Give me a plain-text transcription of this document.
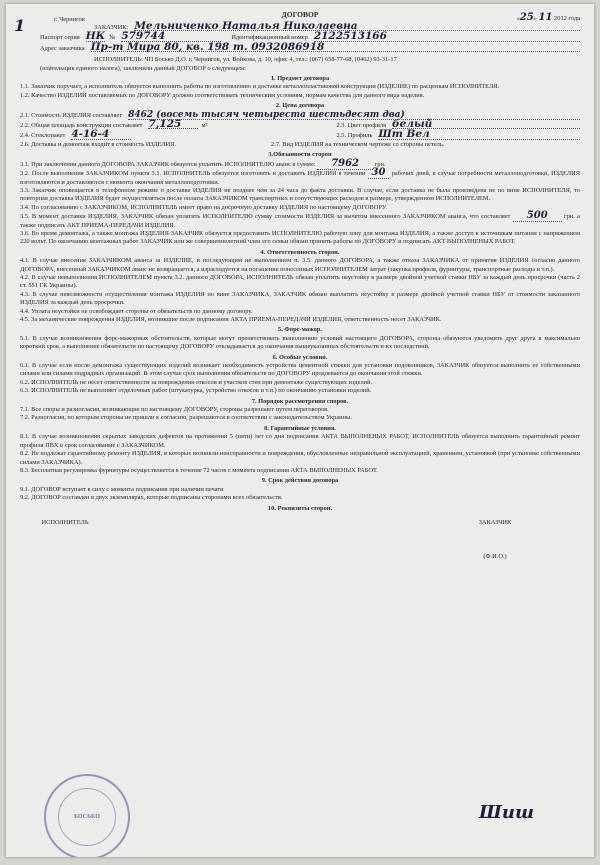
1	г. Чернигов
ДОГОВОР	«25» 11 2012 года
ЗАКАЗЧИК: Мельниченко Наталья Николаевна
Паспорт серия НК № 579744	Идентификационный номер 2122513166
Адрес заказчика Пр-т Мира 80, кв. 198 т. 0932086918
ИСПОЛНИТЕЛЬ: ЧП Босько Д.О. г. Чернигов, ул. Войкова, д. 10, офис 4, тел.: (067) 658-77-68, (0462) 93-31-17
(плательщик единого налога), заключили данный ДОГОВОР о следующем:
1. Предмет договора

1.1. Заказчик поручает, а исполнитель обязуется выполнить работы по изготовлению и доставке металлопластиковой конструкции (ИЗДЕЛИЕ) по расценкам ИСПОЛНИТЕЛЯ.

1.2. Качество ИЗДЕЛИЙ поставляемых по ДОГОВОРУ должно соответствовать техническим условиям, нормам качества для данного вида изделия.

2. Цена договора
2.1. Стоимость ИЗДЕЛИЯ составляет 8462 (восемь тысяч четыреста шестьдесят два)
2.2. Общая площадь конструкции составляет 7,125	м²
2.4. Стеклопакет 4-16-4
2.3. Цвет профиля белый
2.5. Профиль Шт Вел
2.6. Доставка и демонтаж входит в стоимость ИЗДЕЛИЯ.	2.7. Вид ИЗДЕЛИЯ на техническом чертеже со стороны петель.
3.Обязанности сторон

3.1. При заключении данного ДОГОВОРА ЗАКАЗЧИК обязуется уплатить ИСПОЛНИТЕЛЮ аванс в сумме: 7962 грн.

3.2. После выполнения ЗАКАЗЧИКОМ пункта 3.1. ИСПОЛНИТЕЛЬ обязуется изготовить и доставить ИЗДЕЛИЯ в течении 30 рабочих дней, в случае потребности металлоподготовки, ИЗДЕЛИЯ изготовляются и доставляются с момента окончания металлоподготовки.

3.3. Заказчик оповещается в телефонном режиме о доставке ИЗДЕЛИЯ не позднее чем за 24 часа до факта доставки. В случае, если доставка не была произведена не по вине ИСПОЛНИТЕЛЯ, то повторная доставка ИЗДЕЛИЯ будет осуществляться после оплаты ЗАКАЗЧИКОМ транспортных и сопутствующих расходов в размере, утвержденном ИСПОЛНИТЕЛЕМ.

3.4. По согласованию с ЗАКАЗЧИКОМ, ИСПОЛНИТЕЛЬ имеет право на досрочную доставку ИЗДЕЛИЯ по настоящему ДОГОВОРУ.

3.5. В момент доставки ИЗДЕЛИЯ, ЗАКАЗЧИК обязан уплатить ИСПОЛНИТЕЛЮ сумму стоимости ИЗДЕЛИЯ за вычетом внесенного ЗАКАЗЧИКОМ аванса, что составляет 500	грн. а также подписать АКТ ПРИЕМА-ПЕРЕДАЧИ ИЗДЕЛИЯ.

3.6. Во время демонтажа, а также монтажа ИЗДЕЛИЯ ЗАКАЗЧИК обязуется предоставить ИСПОЛНИТЕЛЮ рабочую зону для монтажа ИЗДЕЛИЯ, а также доступ к источникам питания с напряжением 220 вольт. По окончанию монтажных работ ЗАКАЗЧИК или же совершеннолетний член его семьи обязан принять работы по ДОГОВОРУ и подписать АКТ ВЫПОЛНЕНЫХ РАБОТ.

4. Ответственность сторон.

4.1. В случае внесения ЗАКАЗЧИКОМ аванса за ИЗДЕЛИЕ, и последующим не выполнением п. 3.5. данного ДОГОВОРА, а также отказа ЗАКАЗЧИКА от принятия ИЗДЕЛИЯ согласно данного ДОГОВОРА, внесенный ЗАКАЗЧИКОМ аванс не возвращается, а израсходуется на погашение понесенных ИСПОЛНИТЕЛЕМ затрат (закупка профиля, фурнитуры, транспортные расходы и т.п.).

4.2. В случае невыполнения ИСПОЛНИТЕЛЕМ пункта 3.2. данного ДОГОВОРА, ИСПОЛНИТЕЛЬ обязан уплатить неустойку в размере двойной учетной ставки НБУ за каждый день просрочки (часть 2 ст. 551 ГК Украины).

4.3. В случае невозможности осуществления монтажа ИЗДЕЛИЯ по вине ЗАКАЗЧИКА, ЗАКАЗЧИК обязан выплатить неустойку в размере двойной учетной ставки НБУ от стоимости заказанного ИЗДЕЛИЯ за каждый день просрочки.

4.4. Уплата неустойки не освобождает стороны от обязательств по данному договору.

4.5. За механические повреждения ИЗДЕЛИЯ, возникшие после подписания АКТА ПРИЕМА-ПЕРЕДАЧИ ИЗДЕЛИЯ, ответственность несет ЗАКАЗЧИК.

5. Форс-мажор.

5.1. В случае возникновения форс-мажорных обстоятельств, которые могут препятствовать выполнению условий настоящего ДОГОВОРА, стороны обязуются уведомить друг друга в максимально короткий срок, а выполнение обязательств по настоящему ДОГОВОРУ откладывается до окончания вышеуказанных обстоятельств и их последствий.

6. Особые условия.

6.1. В случае если после демонтажа существующих изделий возникает необходимость устройства цементной стяжки для установки подоконников, ЗАКАЗЧИК обязуется выполнить ее собственными силами или силами подрядных организаций. В этом случае срок выполнения обязательств по ДОГОВОРУ продлевается до окончания этой стяжки.

6.2. ИСПОЛНИТЕЛЬ не несет ответственности за повреждения откосов и участков стен при демонтаже существующих изделий.

6.3. ИСПОЛНИТЕЛЬ не выполняет отделочных работ (штукатурка, устройство откосов и т.п.) по окончанию установки изделий.

7. Порядок рассмотрения споров.

7.1. Все споры и разногласия, возникающие по настоящему ДОГОВОРУ, стороны разрешают путем переговоров.

7.2. Разногласия, по которым стороны не пришли к согласию, разрешаются в соответствии с законодательством Украины.

8. Гарантийные условия.

8.1. В случае возникновения скрытых заводских дефектов на протяжении 5 (пяти) лет со дня подписания АКТА ВЫПОЛНЕНЫХ РАБОТ, ИСПОЛНИТЕЛЬ обязуется выполнить гарантийный ремонт профиля ПВХ в срок согласованые с ЗАКАЗЧИКОМ.

8.2. Не подлежат гарантийному ремонту ИЗДЕЛИЯ, в которых возникли неисправности и повреждения, обусловленные неправильной эксплуатацией, хранением, установкой (при установке собственными силами ЗАКАЗЧИКА).

8.3. Бесплатная регулировка фурнитуры осуществляется в течение 72 часов с момента подписания АКТА ВЫПОЛНЕНЫХ РАБОТ.

9. Срок действия договора

9.1. ДОГОВОР вступает в силу с момента подписания при наличии печати

9.2. ДОГОВОР составлен в двух экземплярах, которые подписаны сторонами всех обязательств.

10. Реквизиты сторон.
ИСПОЛНИТЕЛЬ	ЗАКАЗЧИК
(Ф.И.О.)
БОСЬКО	Шиш
